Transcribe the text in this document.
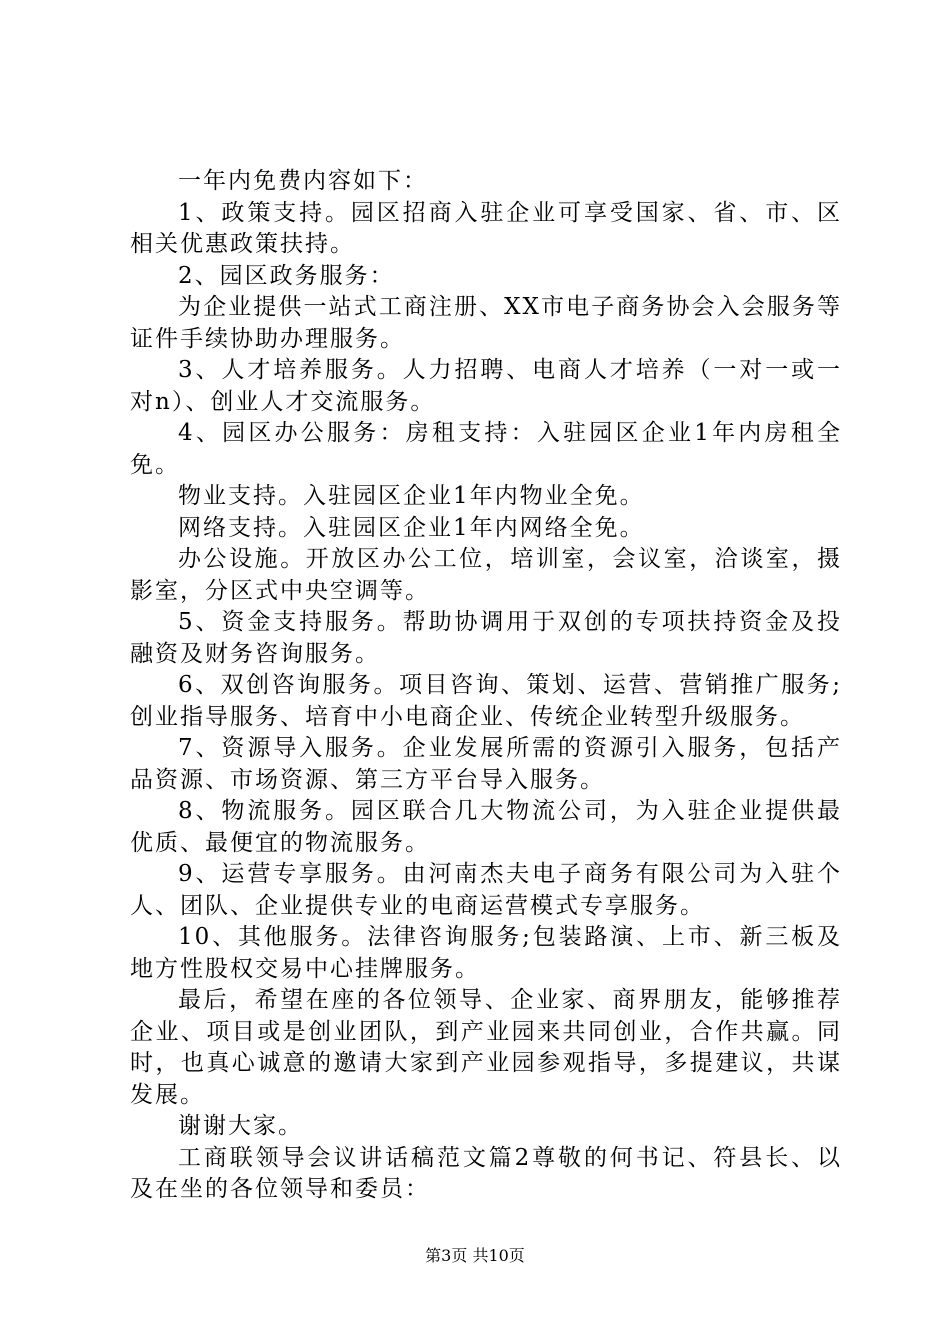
一年内免费内容如下：

1、政策支持。园区招商入驻企业可享受国家、省、市、区相关优惠政策扶持。

2、园区政务服务：

为企业提供一站式工商注册、XX市电子商务协会入会服务等证件手续协助办理服务。

3、人才培养服务。人力招聘、电商人才培养（一对一或一对n）、创业人才交流服务。

4、园区办公服务：房租支持：入驻园区企业1年内房租全免。

物业支持。入驻园区企业1年内物业全免。

网络支持。入驻园区企业1年内网络全免。

办公设施。开放区办公工位，培训室，会议室，洽谈室，摄影室，分区式中央空调等。

5、资金支持服务。帮助协调用于双创的专项扶持资金及投融资及财务咨询服务。

6、双创咨询服务。项目咨询、策划、运营、营销推广服务;创业指导服务、培育中小电商企业、传统企业转型升级服务。

7、资源导入服务。企业发展所需的资源引入服务，包括产品资源、市场资源、第三方平台导入服务。

8、物流服务。园区联合几大物流公司，为入驻企业提供最优质、最便宜的物流服务。

9、运营专享服务。由河南杰夫电子商务有限公司为入驻个人、团队、企业提供专业的电商运营模式专享服务。

10、其他服务。法律咨询服务;包装路演、上市、新三板及地方性股权交易中心挂牌服务。

最后，希望在座的各位领导、企业家、商界朋友，能够推荐企业、项目或是创业团队，到产业园来共同创业，合作共赢。同时，也真心诚意的邀请大家到产业园参观指导，多提建议，共谋发展。

谢谢大家。

工商联领导会议讲话稿范文篇2尊敬的何书记、符县长、以及在坐的各位领导和委员：

第3页 共10页
